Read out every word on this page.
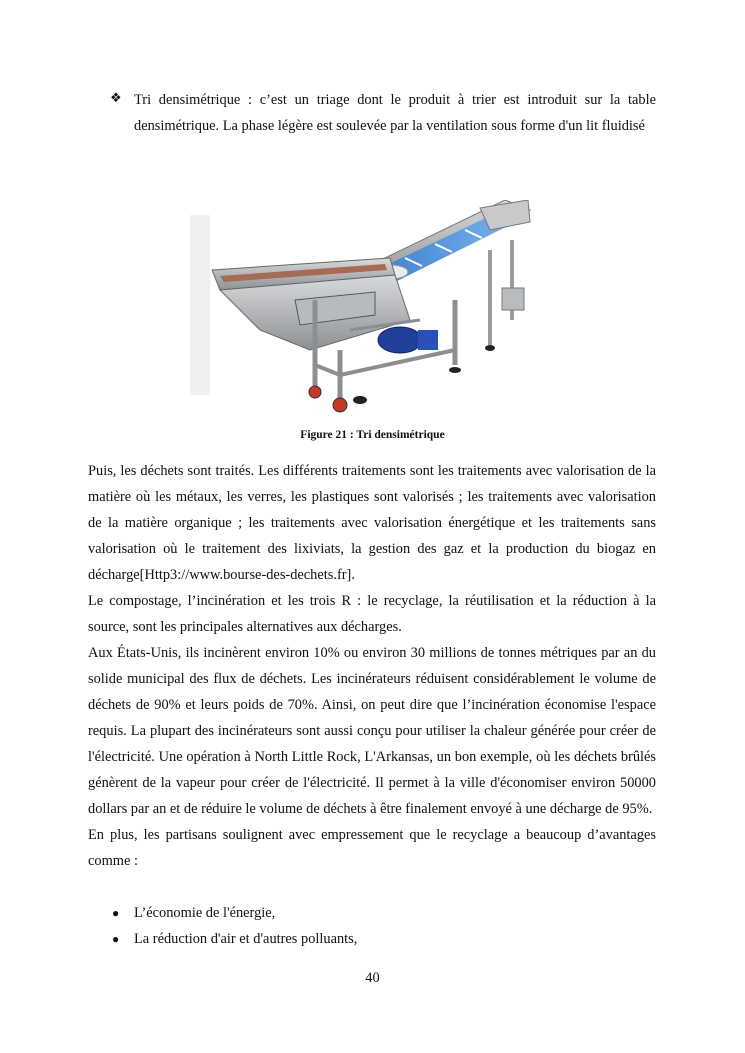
❖ Tri densimétrique : c’est un triage dont le produit à trier est introduit sur la table densimétrique. La phase légère est soulevée par la ventilation sous forme d'un lit fluidisé
Figure 21 : Tri densimétrique

Puis, les déchets sont traités. Les différents traitements sont les traitements avec valorisation de la matière où les métaux, les verres, les plastiques sont valorisés ; les traitements avec valorisation de la matière organique ; les traitements avec valorisation énergétique et les traitements sans valorisation où le traitement des lixiviats, la gestion des gaz et la production du biogaz en décharge[Http3://www.bourse-des-dechets.fr].

Le compostage, l’incinération et les trois R : le recyclage, la réutilisation et la réduction à la source, sont les principales alternatives aux décharges.

Aux États-Unis, ils incinèrent environ 10% ou environ 30 millions de tonnes métriques par an du solide municipal des flux de déchets. Les incinérateurs réduisent considérablement le volume de déchets de 90% et leurs poids de 70%. Ainsi, on peut dire que l’incinération économise l'espace requis. La plupart des incinérateurs sont aussi conçu pour utiliser la chaleur générée pour créer de l'électricité. Une opération à North Little Rock, L'Arkansas, un bon exemple, où les déchets brûlés génèrent de la vapeur pour créer de l'électricité. Il permet à la ville d'économiser environ 50000 dollars par an et de réduire le volume de déchets à être finalement envoyé à une décharge de 95%.

En plus, les partisans soulignent avec empressement que le recyclage a beaucoup d’avantages comme :

● L’économie de l'énergie,
● La réduction d'air et d'autres polluants,
40
